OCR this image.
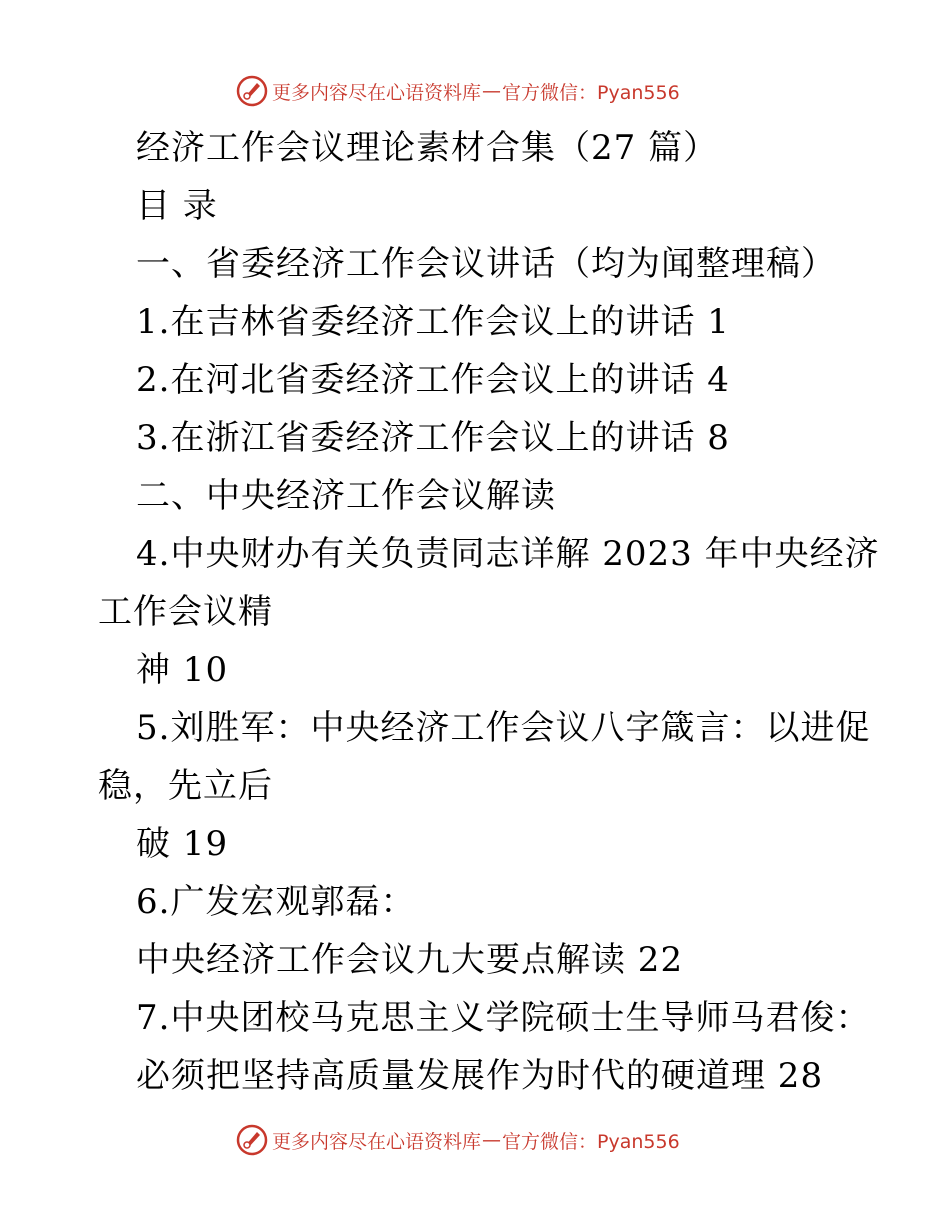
更多内容尽在心语资料库 — 官方微信：Pyan556
经济工作会议理论素材合集（27 篇）
目 录
一、省委经济工作会议讲话（均为闻整理稿）
1.在吉林省委经济工作会议上的讲话 1
2.在河北省委经济工作会议上的讲话 4
3.在浙江省委经济工作会议上的讲话 8
二、中央经济工作会议解读
4.中央财办有关负责同志详解 2023 年中央经济
工作会议精
神 10
5.刘胜军：中央经济工作会议八字箴言：以进促
稳，先立后
破 19
6.广发宏观郭磊：
中央经济工作会议九大要点解读 22
7.中央团校马克思主义学院硕士生导师马君俊：
必须把坚持高质量发展作为时代的硬道理 28
更多内容尽在心语资料库 — 官方微信：Pyan556
